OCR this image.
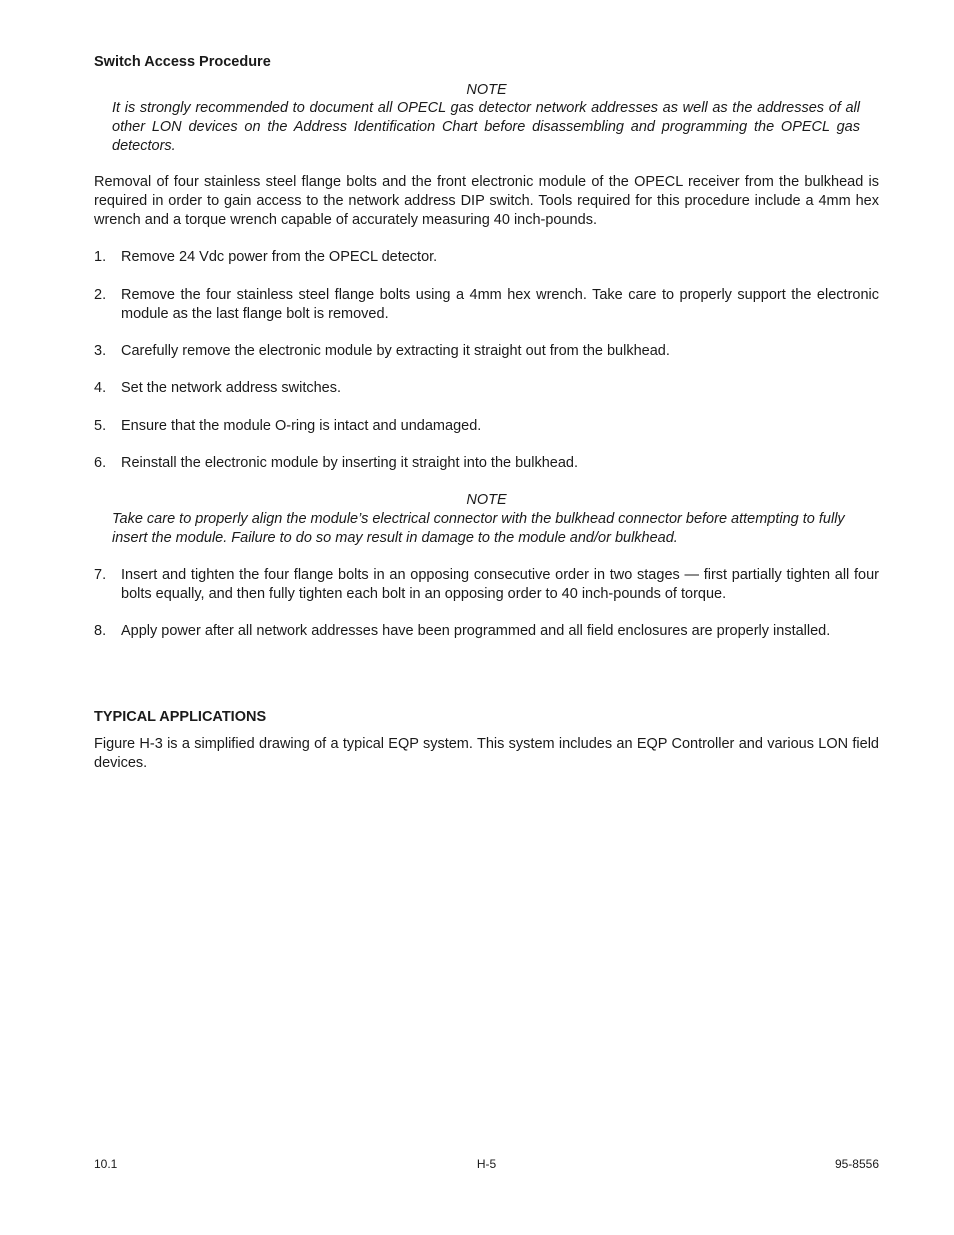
Switch Access Procedure
NOTE
It is strongly recommended to document all OPECL gas detector network addresses as well as the addresses of all other LON devices on the Address Identification Chart before disassembling and programming the OPECL gas detectors.
Removal of four stainless steel flange bolts and the front electronic module of the OPECL receiver from the bulkhead is required in order to gain access to the network address DIP switch. Tools required for this procedure include a 4mm hex wrench and a torque wrench capable of accurately measuring 40 inch-pounds.
1. Remove 24 Vdc power from the OPECL detector.
2. Remove the four stainless steel flange bolts using a 4mm hex wrench. Take care to properly support the electronic module as the last flange bolt is removed.
3. Carefully remove the electronic module by extracting it straight out from the bulkhead.
4. Set the network address switches.
5. Ensure that the module O-ring is intact and undamaged.
6. Reinstall the electronic module by inserting it straight into the bulkhead.
NOTE
Take care to properly align the module’s electrical connector with the bulkhead connector before attempting to fully insert the module. Failure to do so may result in damage to the module and/or bulkhead.
7. Insert and tighten the four flange bolts in an opposing consecutive order in two stages — first partially tighten all four bolts equally, and then fully tighten each bolt in an opposing order to 40 inch-pounds of torque.
8. Apply power after all network addresses have been programmed and all field enclosures are properly installed.
TYPICAL APPLICATIONS
Figure H-3 is a simplified drawing of a typical EQP system. This system includes an EQP Controller and various LON field devices.
10.1	H-5	95-8556
